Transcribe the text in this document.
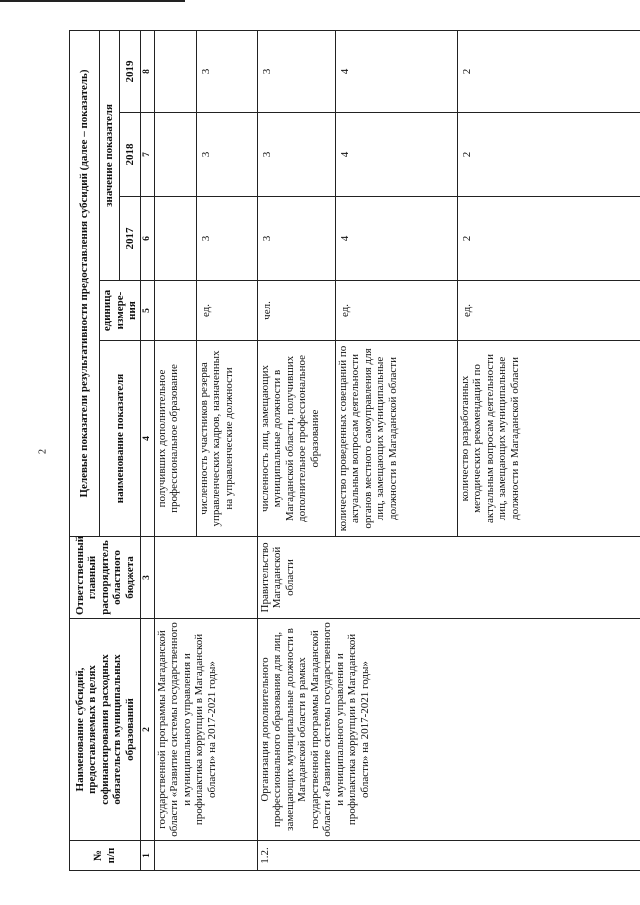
2
№ п/п	Наименование субсидий, предоставляемых в целях софинансирования расходных обязательств муниципальных образований	Ответственный главный распорядитель областного бюджета	Целевые показатели результативности предоставления субсидий (далее – показатель)				
			наименование показателя	единица измере-ния	значение показателя		
					2017	2018	2019
1	2	3	4	5	6	7	8
	государственной программы Магаданской области «Развитие системы государственного и муниципального управления и профилактика коррупции в Магаданской области» на 2017-2021 годы»		получивших дополнительное профессиональное образование				
			численность участников резерва управленческих кадров, назначенных на управленческие должности	ед.	3	3	3
1.2.	Организация дополнительного профессионального образования для лиц, замещающих муниципальные должности в Магаданской области в рамках государственной программы Магаданской области «Развитие системы государственного и муниципального управления и профилактика коррупции в Магаданской области» на 2017-2021 годы»	Правительство Магаданской области	численность лиц, замещающих муниципальные должности в Магаданской области, получивших дополнительное профессиональное образование	чел.	3	3	3
			количество проведенных совещаний по актуальным вопросам деятельности органов местного самоуправления для лиц, замещающих муниципальные должности в Магаданской области	ед.	4	4	4
			количество разработанных методических рекомендаций по актуальным вопросам деятельности лиц, замещающих муниципальные должности в Магаданской области	ед.	2	2	2
